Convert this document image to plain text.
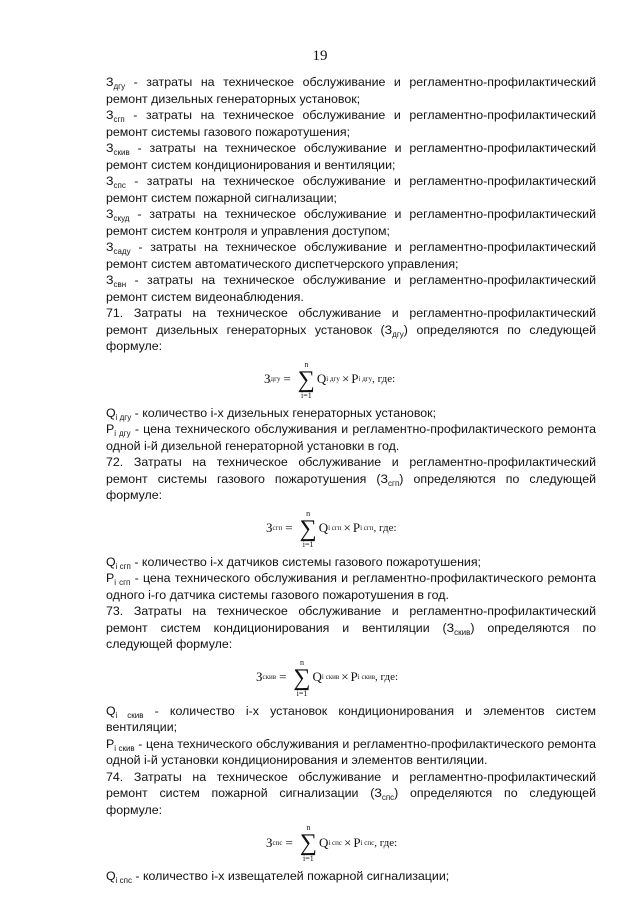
19

$З_{дгу}$ - затраты на техническое обслуживание и регламентно-профилактический ремонт дизельных генераторных установок;

$З_{сгп}$ - затраты на техническое обслуживание и регламентно-профилактический ремонт системы газового пожаротушения;

$З_{скив}$ - затраты на техническое обслуживание и регламентно-профилактический ремонт систем кондиционирования и вентиляции;

$З_{спс}$ - затраты на техническое обслуживание и регламентно-профилактический ремонт систем пожарной сигнализации;

$З_{скуд}$ - затраты на техническое обслуживание и регламентно-профилактический ремонт систем контроля и управления доступом;

$З_{сaду}$ - затраты на техническое обслуживание и регламентно-профилактический ремонт систем автоматического диспетчерского управления;

$З_{свн}$ - затраты на техническое обслуживание и регламентно-профилактический ремонт систем видеонаблюдения.

71. Затраты на техническое обслуживание и регламентно-профилактический ремонт дизельных генераторных установок $(З_{дгу})$ определяются по следующей формуле:

З дгу =
n
∑
i=1
Q i дгу × P i дгу , где:

$Q_{i дгу}$ - количество i-х дизельных генераторных установок;

$P_{i дгу}$ - цена технического обслуживания и регламентно-профилактического ремонта одной i-й дизельной генераторной установки в год.

72. Затраты на техническое обслуживание и регламентно-профилактический ремонт системы газового пожаротушения $(З_{сгп})$ определяются по следующей формуле:

З сгп =
n
∑
i=1
Q i сгп × P i сгп , где:

$Q_{i сгп}$ - количество i-х датчиков системы газового пожаротушения;

$P_{i сгп}$ - цена технического обслуживания и регламентно-профилактического ремонта одного i-го датчика системы газового пожаротушения в год.

73. Затраты на техническое обслуживание и регламентно-профилактический ремонт систем кондиционирования и вентиляции $(З_{скив})$ определяются по следующей формуле:

З скив =
n
∑
i=1
Q i скив × P i скив , где:

$Q_{i скив}$ - количество i-х установок кондиционирования и элементов систем вентиляции;

$P_{i скив}$ - цена технического обслуживания и регламентно-профилактического ремонта одной i-й установки кондиционирования и элементов вентиляции.

74. Затраты на техническое обслуживание и регламентно-профилактический ремонт систем пожарной сигнализации $(З_{спс})$ определяются по следующей формуле:

З спс =
n
∑
i=1
Q i спс × P i спс , где:

$Q_{i спс}$ - количество i-х извещателей пожарной сигнализации;
